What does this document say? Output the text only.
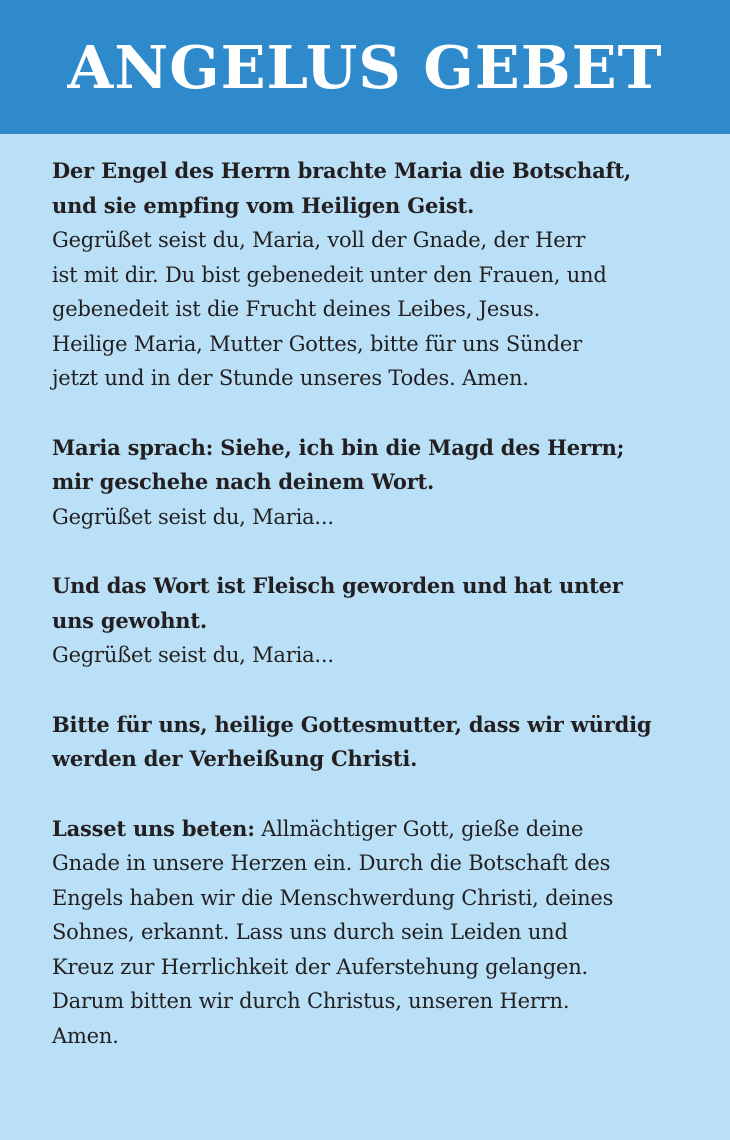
ANGELUS GEBET
Der Engel des Herrn brachte Maria die Botschaft,
und sie empfing vom Heiligen Geist.
Gegrüßet seist du, Maria, voll der Gnade, der Herr
ist mit dir. Du bist gebenedeit unter den Frauen, und
gebenedeit ist die Frucht deines Leibes, Jesus.
Heilige Maria, Mutter Gottes, bitte für uns Sünder
jetzt und in der Stunde unseres Todes. Amen.
Maria sprach: Siehe, ich bin die Magd des Herrn;
mir geschehe nach deinem Wort.
Gegrüßet seist du, Maria...
Und das Wort ist Fleisch geworden und hat unter
uns gewohnt.
Gegrüßet seist du, Maria...
Bitte für uns, heilige Gottesmutter, dass wir würdig
werden der Verheißung Christi.
Lasset uns beten: Allmächtiger Gott, gieße deine
Gnade in unsere Herzen ein. Durch die Botschaft des
Engels haben wir die Menschwerdung Christi, deines
Sohnes, erkannt. Lass uns durch sein Leiden und
Kreuz zur Herrlichkeit der Auferstehung gelangen.
Darum bitten wir durch Christus, unseren Herrn.
Amen.
